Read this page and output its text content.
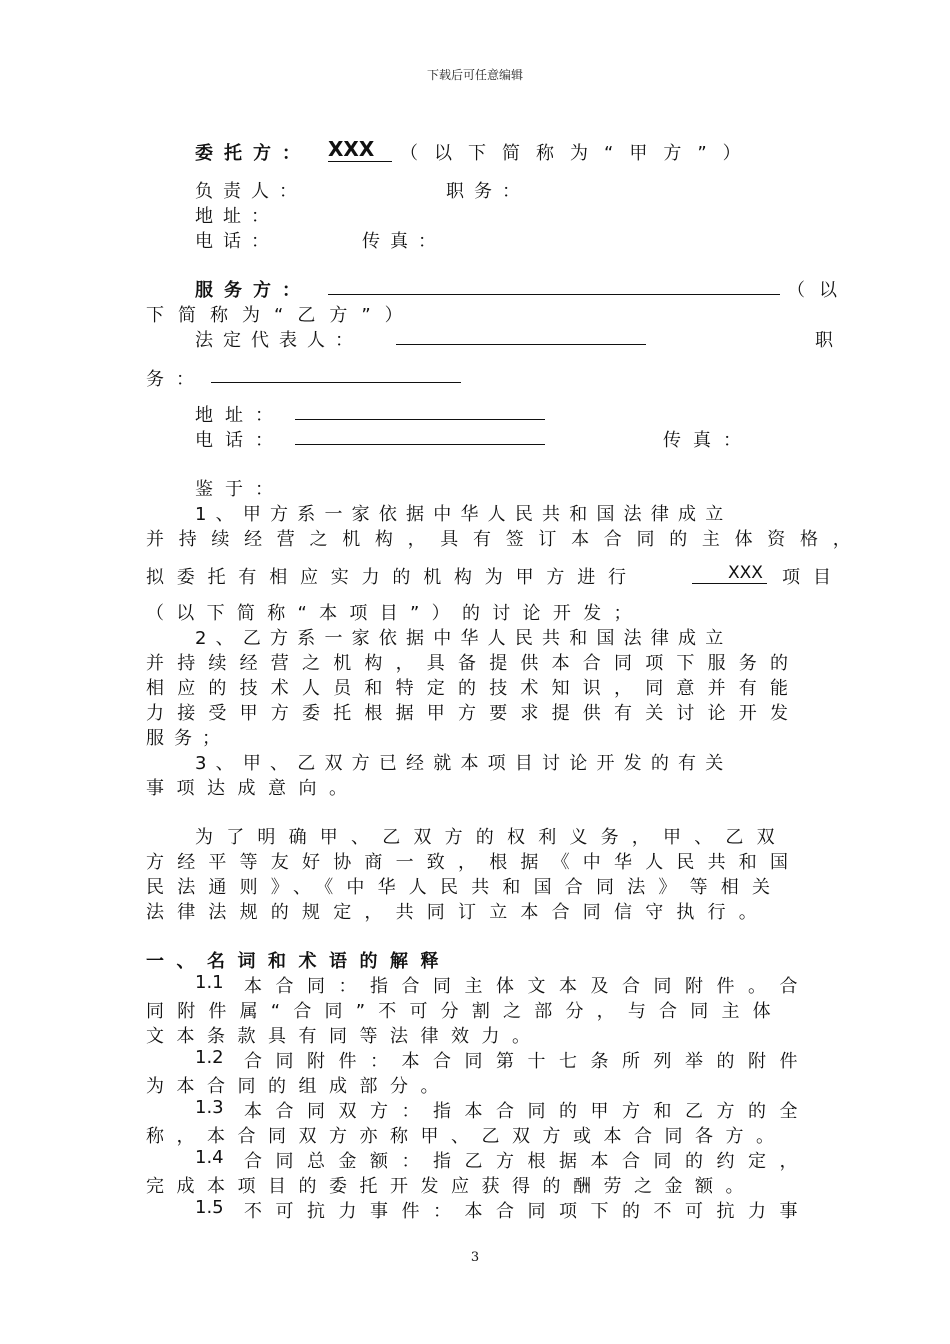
下载后可任意编辑
委托方： XXX	（以下简称为“甲方”）
负责人：	职务：
地址：
电话：	传真：
服务方：	（以
下简称为“乙方”）
法定代表人：	职
务：
地址：
电话：	传真：
鉴于：
1、甲方系一家依据中华人民共和国法律成立
并持续经营之机构，具有签订本合同的主体资格，
拟委托有相应实力的机构为甲方进行	XXX 项目
（以下简称“本项目”）的讨论开发；
2、乙方系一家依据中华人民共和国法律成立
并持续经营之机构，具备提供本合同项下服务的
相应的技术人员和特定的技术知识，同意并有能
力接受甲方委托根据甲方要求提供有关讨论开发
服务；
3、甲、乙双方已经就本项目讨论开发的有关
事项达成意向。
为了明确甲、乙双方的权利义务，甲、乙双
方经平等友好协商一致，根据《中华人民共和国
民法通则》、《中华人民共和国合同法》等相关
法律法规的规定，共同订立本合同信守执行。
一、名词和术语的解释
1.1 本合同：指合同主体文本及合同附件。合
同附件属“合同”不可分割之部分，与合同主体
文本条款具有同等法律效力。
1.2 合同附件：本合同第十七条所列举的附件
为本合同的组成部分。
1.3 本合同双方：指本合同的甲方和乙方的全
称，本合同双方亦称甲、乙双方或本合同各方。
1.4 合同总金额：指乙方根据本合同的约定，
完成本项目的委托开发应获得的酬劳之金额。
1.5 不可抗力事件：本合同项下的不可抗力事
3
